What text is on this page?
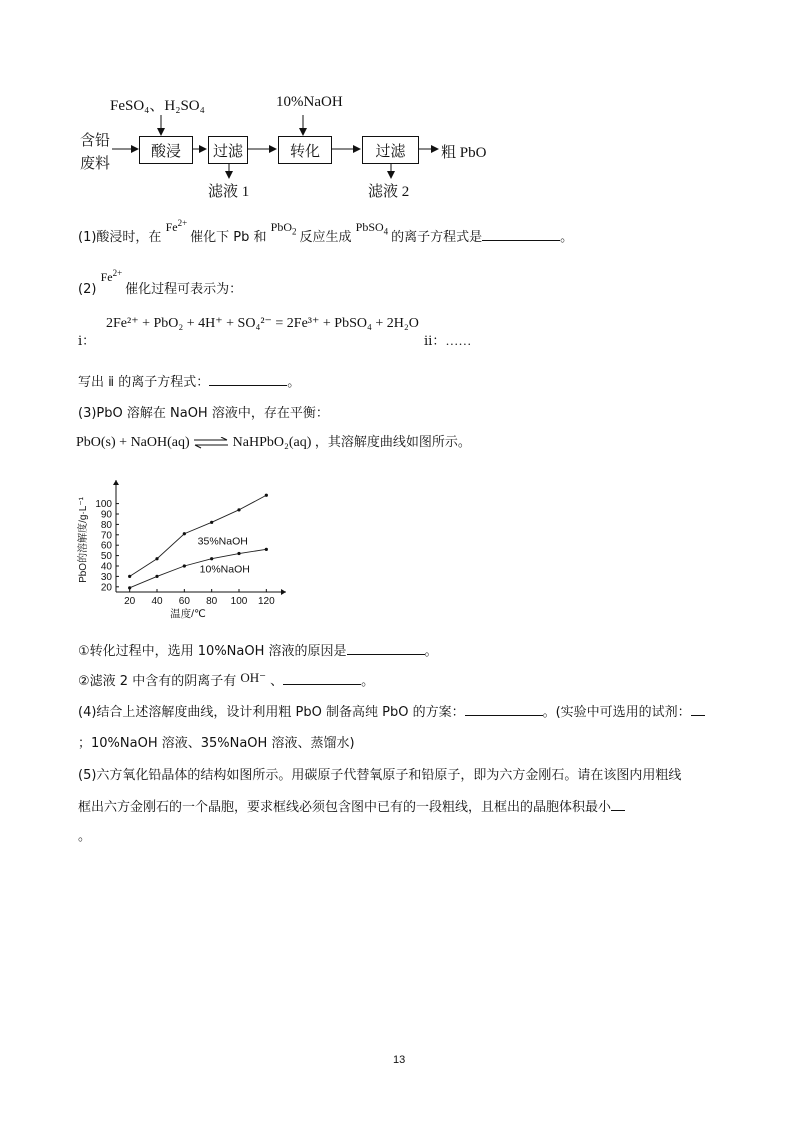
FeSO₄、H₂SO₄	10%NaOH
含铅
废料
酸浸	过滤	转化	过滤	粗 PbO
滤液 1	滤液 2
(1)酸浸时，在 $Fe^{2+}$ 催化下 Pb 和 PbO$_2$ 反应生成 PbSO$_4$ 的离子方程式是	。
(2) $Fe^{2+}$ 催化过程可表示为：
ⅰ：
2Fe²⁺ + PbO₂ + 4H⁺ + SO₄²⁻ = 2Fe³⁺ + PbSO₄ + 2H₂O
ⅱ：……
写出 ⅱ 的离子方程式：	。
(3)PbO 溶解在 NaOH 溶液中，存在平衡：
PbO(s) + NaOH(aq) ⇌ NaHPbO₂(aq) ，其溶解度曲线如图所示。
20 40 60 80 100 120
20
30
40
50
60
70
80
90
100
35%NaOH
10%NaOH
PbO的溶解度/g·L⁻¹
温度/℃
①转化过程中，选用 10%NaOH 溶液的原因是	。
②滤液 2 中含有的阴离子有 OH⁻ 、	。
(4)结合上述溶解度曲线，设计利用粗 PbO 制备高纯 PbO 的方案：	。(实验中可选用的试剂：
；10%NaOH 溶液、35%NaOH 溶液、蒸馏水)
(5)六方氧化铅晶体的结构如图所示。用碳原子代替氧原子和铅原子，即为六方金刚石。请在该图内用粗线
框出六方金刚石的一个晶胞，要求框线必须包含图中已有的一段粗线，且框出的晶胞体积最小
。
13
